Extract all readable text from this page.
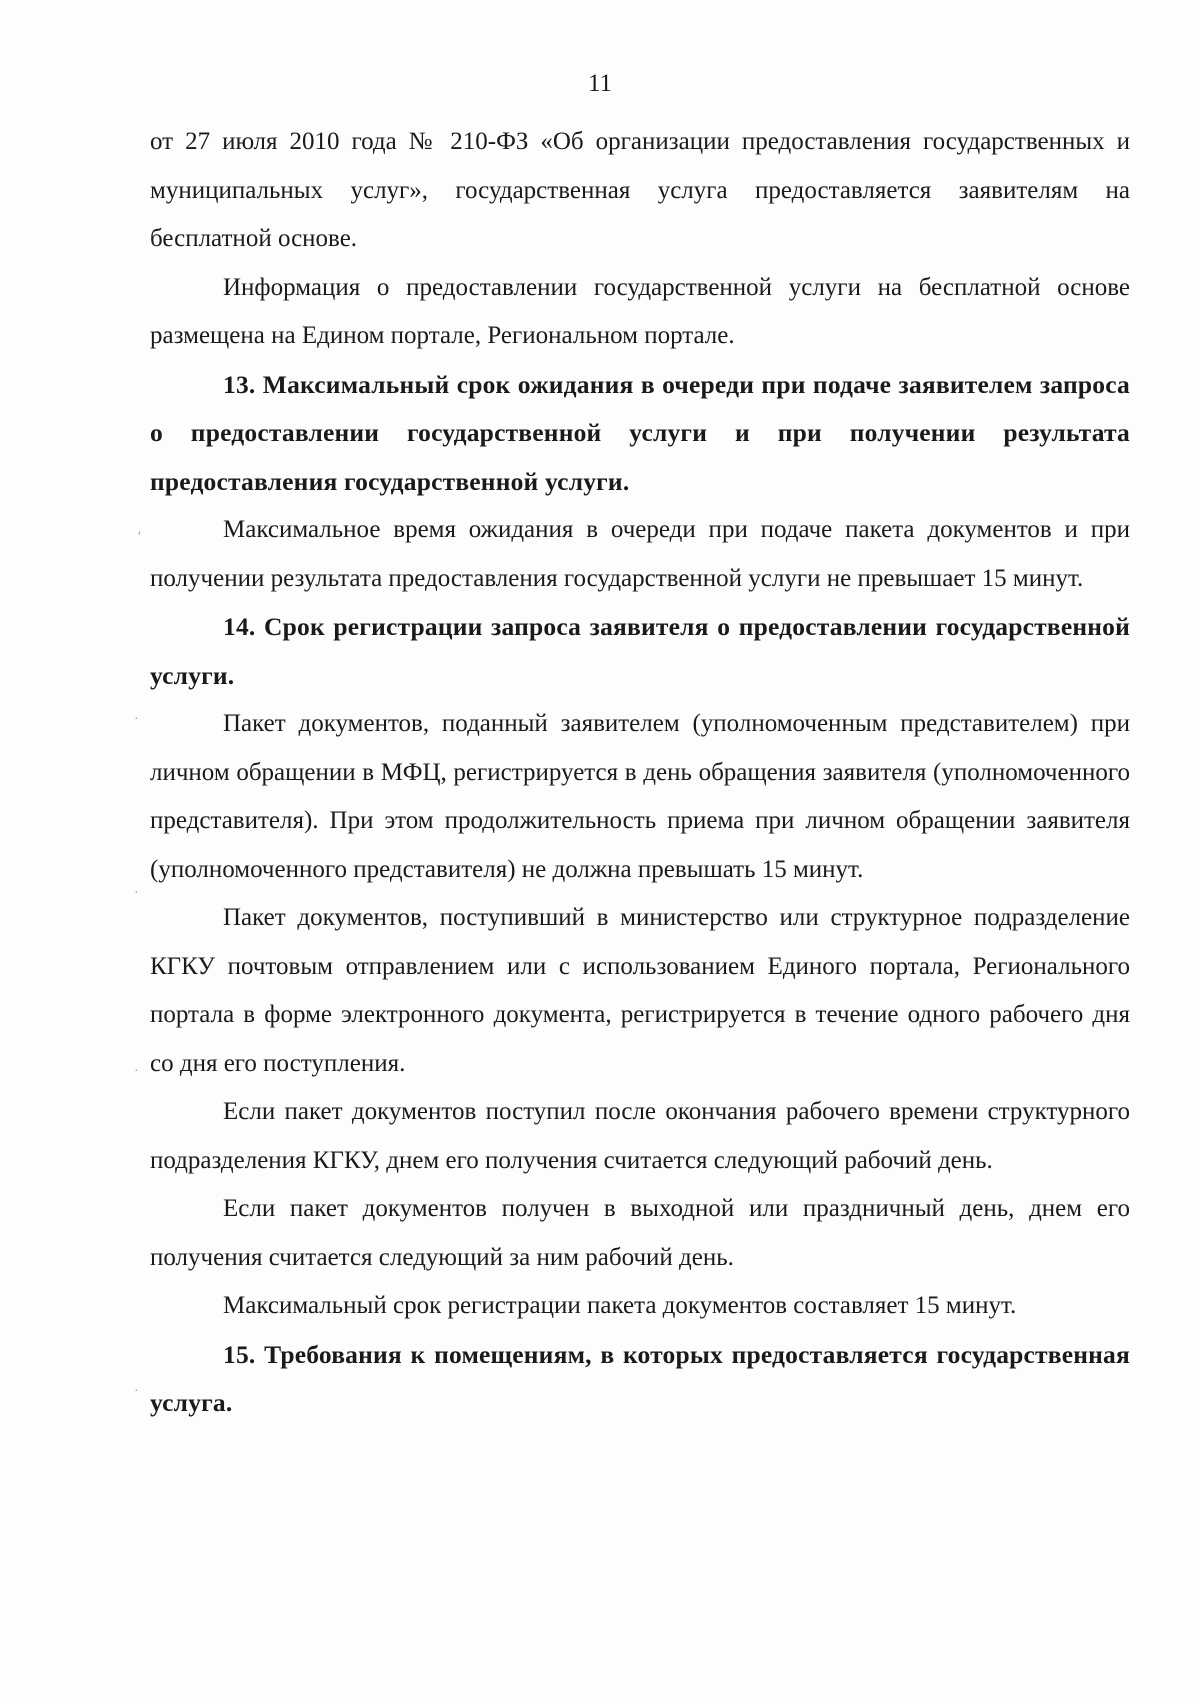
11
ʹ
·
·
·
·

от 27 июля 2010 года № 210-ФЗ «Об организации предоставления государственных и муниципальных услуг», государственная услуга предоставляется заявителям на бесплатной основе.

Информация о предоставлении государственной услуги на бесплатной основе размещена на Едином портале, Региональном портале.

13. Максимальный срок ожидания в очереди при подаче заявителем запроса о предоставлении государственной услуги и при получении результата предоставления государственной услуги.

Максимальное время ожидания в очереди при подаче пакета документов и при получении результата предоставления государственной услуги не превышает 15 минут.

14. Срок регистрации запроса заявителя о предоставлении государственной услуги.

Пакет документов, поданный заявителем (уполномоченным представителем) при личном обращении в МФЦ, регистрируется в день обращения заявителя (уполномоченного представителя). При этом продолжительность приема при личном обращении заявителя (уполномоченного представителя) не должна превышать 15 минут.

Пакет документов, поступивший в министерство или структурное подразделение КГКУ почтовым отправлением или с использованием Единого портала, Регионального портала в форме электронного документа, регистрируется в течение одного рабочего дня со дня его поступления.

Если пакет документов поступил после окончания рабочего времени структурного подразделения КГКУ, днем его получения считается следующий рабочий день.

Если пакет документов получен в выходной или праздничный день, днем его получения считается следующий за ним рабочий день.

Максимальный срок регистрации пакета документов составляет 15 минут.

15. Требования к помещениям, в которых предоставляется государственная услуга.
